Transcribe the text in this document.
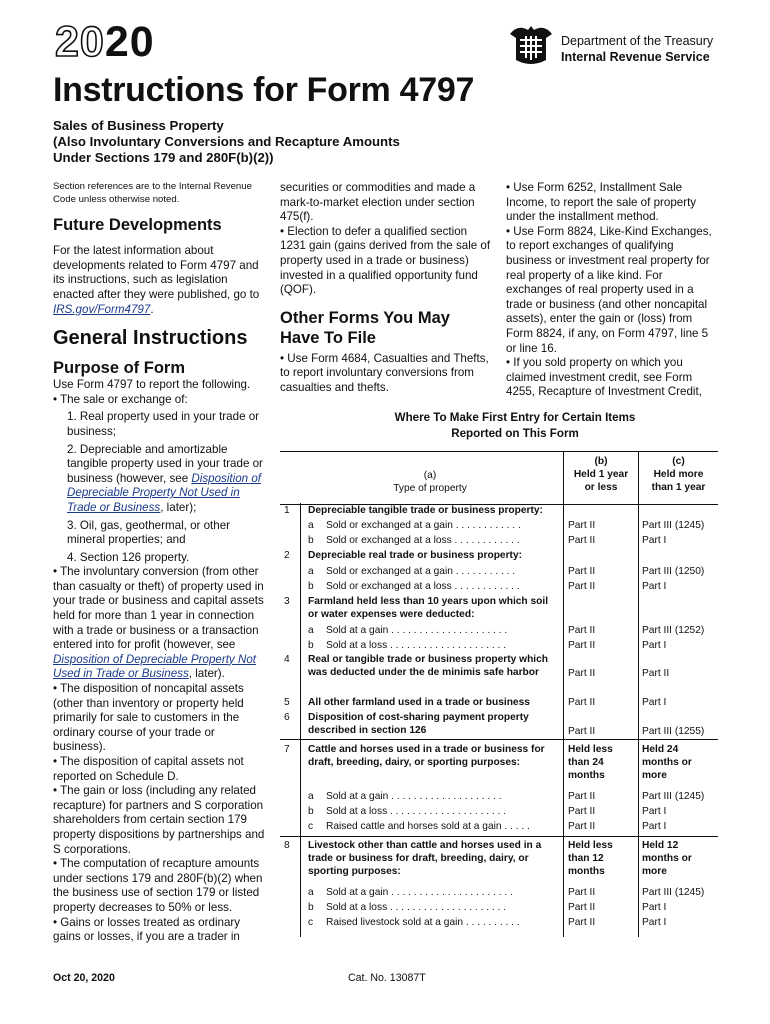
2020	Department of the Treasury
Internal Revenue Service
Instructions for Form 4797
Sales of Business Property
(Also Involuntary Conversions and Recapture Amounts
Under Sections 179 and 280F(b)(2))

Section references are to the Internal Revenue Code unless otherwise noted.

Future Developments

For the latest information about developments related to Form 4797 and its instructions, such as legislation enacted after they were published, go to IRS.gov/Form4797.

General Instructions
Purpose of Form

Use Form 4797 to report the following.

• The sale or exchange of:

1. Real property used in your trade or business;

2. Depreciable and amortizable tangible property used in your trade or business (however, see Disposition of Depreciable Property Not Used in Trade or Business, later);

3. Oil, gas, geothermal, or other mineral properties; and

4. Section 126 property.

• The involuntary conversion (from other than casualty or theft) of property used in your trade or business and capital assets held for more than 1 year in connection with a trade or business or a transaction entered into for profit (however, see Disposition of Depreciable Property Not Used in Trade or Business, later).

• The disposition of noncapital assets (other than inventory or property held primarily for sale to customers in the ordinary course of your trade or business).

• The disposition of capital assets not reported on Schedule D.

• The gain or loss (including any related recapture) for partners and S corporation shareholders from certain section 179 property dispositions by partnerships and S corporations.

• The computation of recapture amounts under sections 179 and 280F(b)(2) when the business use of section 179 or listed property decreases to 50% or less.

• Gains or losses treated as ordinary gains or losses, if you are a trader in

securities or commodities and made a mark-to-market election under section 475(f).

• Election to defer a qualified section 1231 gain (gains derived from the sale of property used in a trade or business) invested in a qualified opportunity fund (QOF).

Other Forms You May Have To File

• Use Form 4684, Casualties and Thefts, to report involuntary conversions from casualties and thefts.

• Use Form 6252, Installment Sale Income, to report the sale of property under the installment method.

• Use Form 8824, Like-Kind Exchanges, to report exchanges of qualifying business or investment real property for real property of a like kind. For exchanges of real property used in a trade or business (and other noncapital assets), enter the gain or (loss) from Form 8824, if any, on Form 4797, line 5 or line 16.

• If you sold property on which you claimed investment credit, see Form 4255, Recapture of Investment Credit,

Where To Make First Entry for Certain Items
Reported on This Form
(a)
Type of property
(b)
Held 1 year
or less
(c)
Held more
than 1 year
1 Depreciable tangible trade or business property:
a Sold or exchanged at a gain . . . . . . . . . . . .	Part II	Part III (1245)
b Sold or exchanged at a loss . . . . . . . . . . . .	Part II	Part I
2 Depreciable real trade or business property:
a Sold or exchanged at a gain . . . . . . . . . . .	Part II	Part III (1250)
b Sold or exchanged at a loss . . . . . . . . . . . .	Part II	Part I
3 Farmland held less than 10 years upon which soil or water expenses were deducted:
a Sold at a gain . . . . . . . . . . . . . . . . . . . . .	Part II	Part III (1252)
b Sold at a loss . . . . . . . . . . . . . . . . . . . . .	Part II	Part I
4 Real or tangible trade or business property which was deducted under the de minimis safe harbor	Part II	Part II
5 All other farmland used in a trade or business	Part II	Part I
6 Disposition of cost-sharing payment property described in section 126	Part II	Part III (1255)
7 Cattle and horses used in a trade or business for draft, breeding, dairy, or sporting purposes:
Held less than 24 months
Held 24 months or more
a Sold at a gain . . . . . . . . . . . . . . . . . . . .	Part II	Part III (1245)
b Sold at a loss . . . . . . . . . . . . . . . . . . . . .	Part II	Part I
c Raised cattle and horses sold at a gain . . . . .	Part II	Part I
8 Livestock other than cattle and horses used in a trade or business for draft, breeding, dairy, or sporting purposes:
Held less than 12 months
Held 12 months or more
a Sold at a gain . . . . . . . . . . . . . . . . . . . . . .	Part II	Part III (1245)
b Sold at a loss . . . . . . . . . . . . . . . . . . . . .	Part II	Part I
c Raised livestock sold at a gain . . . . . . . . . .	Part II	Part I
Oct 20, 2020	Cat. No. 13087T
